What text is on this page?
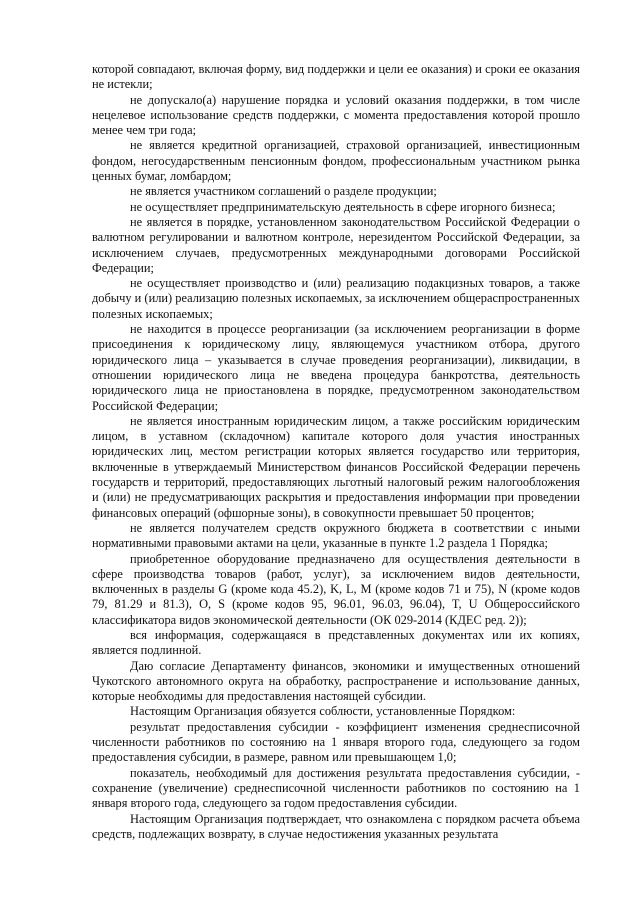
которой совпадают, включая форму, вид поддержки и цели ее оказания) и сроки ее оказания не истекли;

не допускало(а) нарушение порядка и условий оказания поддержки, в том числе нецелевое использование средств поддержки, с момента предоставления которой прошло менее чем три года;

не является кредитной организацией, страховой организацией, инвестиционным фондом, негосударственным пенсионным фондом, профессиональным участником рынка ценных бумаг, ломбардом;

не является участником соглашений о разделе продукции;

не осуществляет предпринимательскую деятельность в сфере игорного бизнеса;

не является в порядке, установленном законодательством Российской Федерации о валютном регулировании и валютном контроле, нерезидентом Российской Федерации, за исключением случаев, предусмотренных международными договорами Российской Федерации;

не осуществляет производство и (или) реализацию подакцизных товаров, а также добычу и (или) реализацию полезных ископаемых, за исключением общераспространенных полезных ископаемых;

не находится в процессе реорганизации (за исключением реорганизации в форме присоединения к юридическому лицу, являющемуся участником отбора, другого юридического лица – указывается в случае проведения реорганизации), ликвидации, в отношении юридического лица не введена процедура банкротства, деятельность юридического лица не приостановлена в порядке, предусмотренном законодательством Российской Федерации;

не является иностранным юридическим лицом, а также российским юридическим лицом, в уставном (складочном) капитале которого доля участия иностранных юридических лиц, местом регистрации которых является государство или территория, включенные в утверждаемый Министерством финансов Российской Федерации перечень государств и территорий, предоставляющих льготный налоговый режим налогообложения и (или) не предусматривающих раскрытия и предоставления информации при проведении финансовых операций (офшорные зоны), в совокупности превышает 50 процентов;

не является получателем средств окружного бюджета в соответствии с иными нормативными правовыми актами на цели, указанные в пункте 1.2 раздела 1 Порядка;

приобретенное оборудование предназначено для осуществления деятельности в сфере производства товаров (работ, услуг), за исключением видов деятельности, включенных в разделы G (кроме кода 45.2), K, L, M (кроме кодов 71 и 75), N (кроме кодов 79, 81.29 и 81.3), O, S (кроме кодов 95, 96.01, 96.03, 96.04), T, U Общероссийского классификатора видов экономической деятельности (ОК 029-2014 (КДЕС ред. 2));

вся информация, содержащаяся в представленных документах или их копиях, является подлинной.

Даю согласие Департаменту финансов, экономики и имущественных отношений Чукотского автономного округа на обработку, распространение и использование данных, которые необходимы для предоставления настоящей субсидии.

Настоящим Организация обязуется соблюсти, установленные Порядком:

результат предоставления субсидии - коэффициент изменения среднесписочной численности работников по состоянию на 1 января второго года, следующего за годом предоставления субсидии, в размере, равном или превышающем 1,0;

показатель, необходимый для достижения результата предоставления субсидии, - сохранение (увеличение) среднесписочной численности работников по состоянию на 1 января второго года, следующего за годом предоставления субсидии.

Настоящим Организация подтверждает, что ознакомлена с порядком расчета объема средств, подлежащих возврату, в случае недостижения указанных результата
